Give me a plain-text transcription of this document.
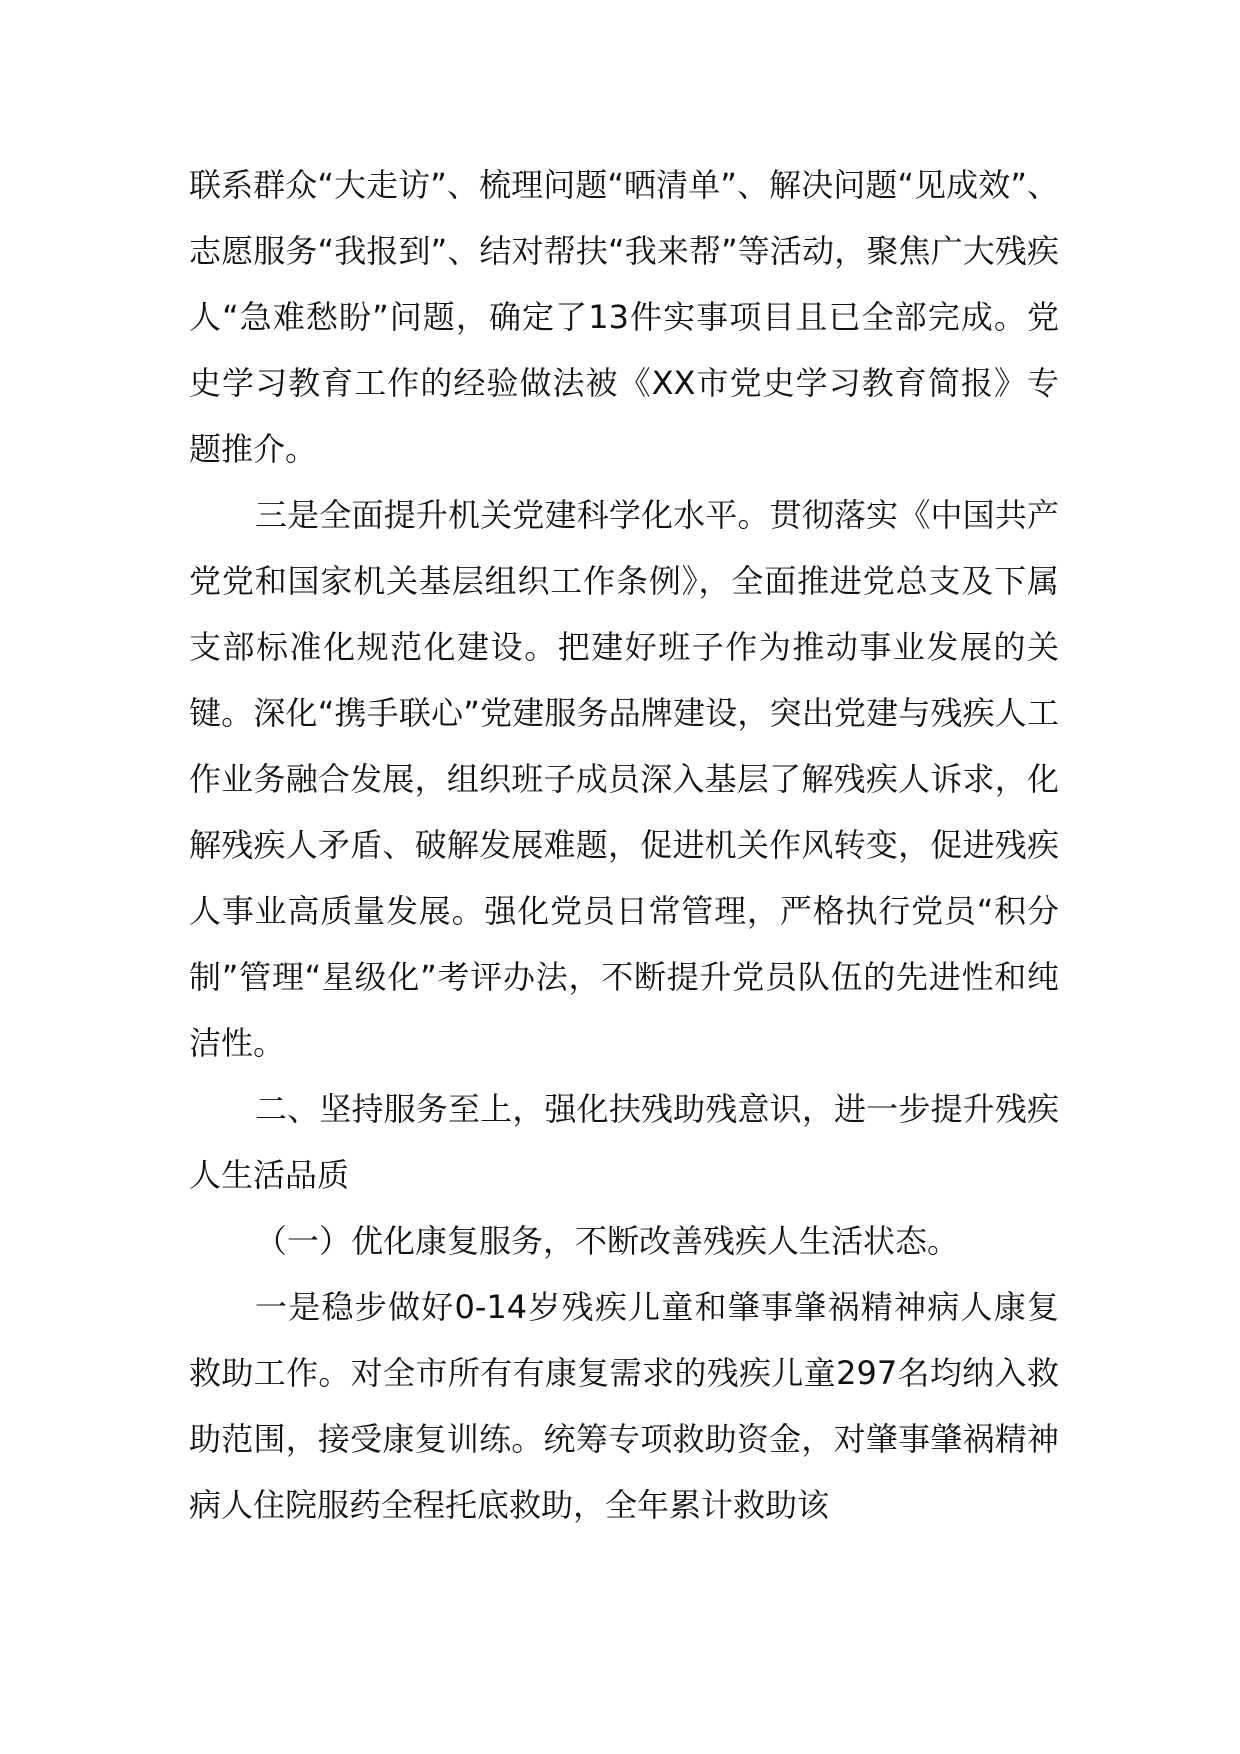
联系群众“大走访”、梳理问题“晒清单”、解决问题“见成效”、志愿服务“我报到”、结对帮扶“我来帮”等活动，聚焦广大残疾人“急难愁盼”问题，确定了13件实事项目且已全部完成。党史学习教育工作的经验做法被《XX市党史学习教育简报》专题推介。

三是全面提升机关党建科学化水平。贯彻落实《中国共产党党和国家机关基层组织工作条例》，全面推进党总支及下属支部标准化规范化建设。把建好班子作为推动事业发展的关键。深化“携手联心”党建服务品牌建设，突出党建与残疾人工作业务融合发展，组织班子成员深入基层了解残疾人诉求，化解残疾人矛盾、破解发展难题，促进机关作风转变，促进残疾人事业高质量发展。强化党员日常管理，严格执行党员“积分制”管理“星级化”考评办法，不断提升党员队伍的先进性和纯洁性。

二、坚持服务至上，强化扶残助残意识，进一步提升残疾人生活品质

（一）优化康复服务，不断改善残疾人生活状态。

一是稳步做好0-14岁残疾儿童和肇事肇祸精神病人康复救助工作。对全市所有有康复需求的残疾儿童297名均纳入救助范围，接受康复训练。统筹专项救助资金，对肇事肇祸精神病人住院服药全程托底救助，全年累计救助该
